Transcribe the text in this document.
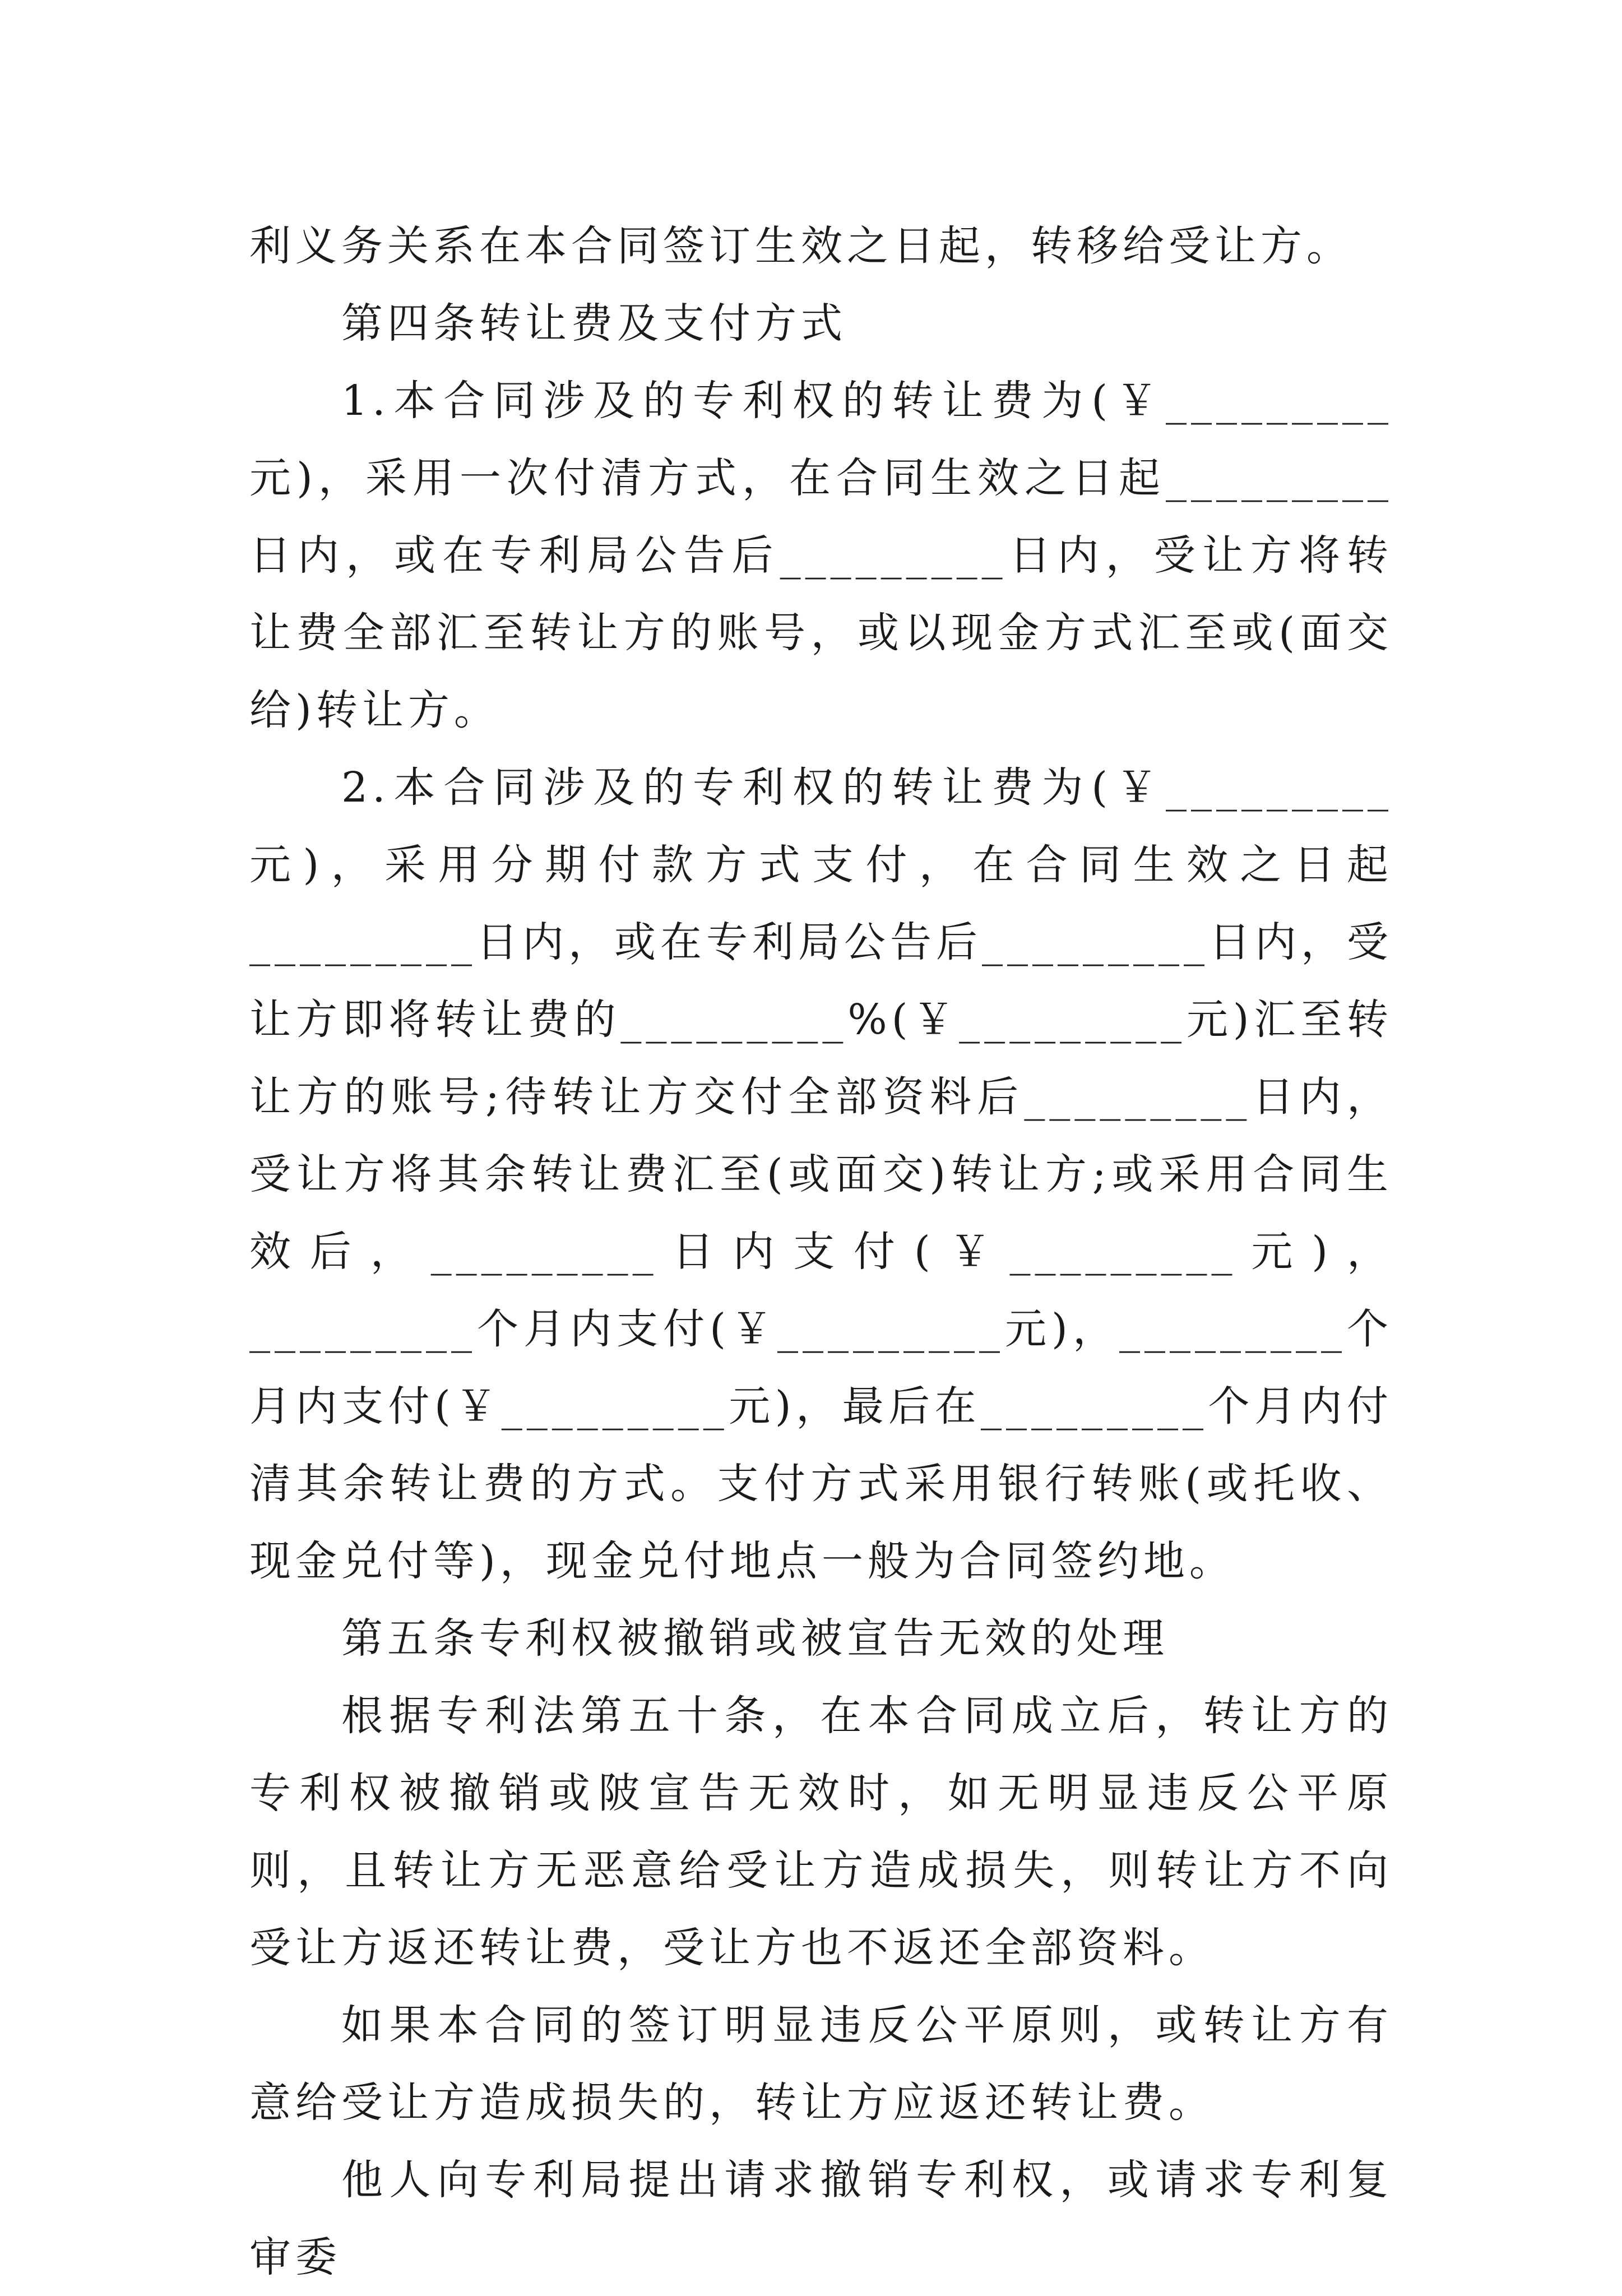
利义务关系在本合同签订生效之日起，转移给受让方。

第四条转让费及支付方式

1.本合同涉及的专利权的转让费为(￥_________元)，采用一次付清方式，在合同生效之日起_________日内，或在专利局公告后_________日内，受让方将转让费全部汇至转让方的账号，或以现金方式汇至或(面交给)转让方。

2.本合同涉及的专利权的转让费为(￥_________元)，采用分期付款方式支付，在合同生效之日起_________日内，或在专利局公告后_________日内，受让方即将转让费的_________%(￥_________元)汇至转让方的账号;待转让方交付全部资料后_________日内，受让方将其余转让费汇至(或面交)转让方;或采用合同生效后，_________日内支付(￥_________元)，_________个月内支付(￥_________元)，_________个月内支付(￥_________元)，最后在_________个月内付清其余转让费的方式。支付方式采用银行转账(或托收、现金兑付等)，现金兑付地点一般为合同签约地。

第五条专利权被撤销或被宣告无效的处理

根据专利法第五十条，在本合同成立后，转让方的专利权被撤销或陂宣告无效时，如无明显违反公平原则，且转让方无恶意给受让方造成损失，则转让方不向受让方返还转让费，受让方也不返还全部资料。

如果本合同的签订明显违反公平原则，或转让方有意给受让方造成损失的，转让方应返还转让费。

他人向专利局提出请求撤销专利权，或请求专利复审委
